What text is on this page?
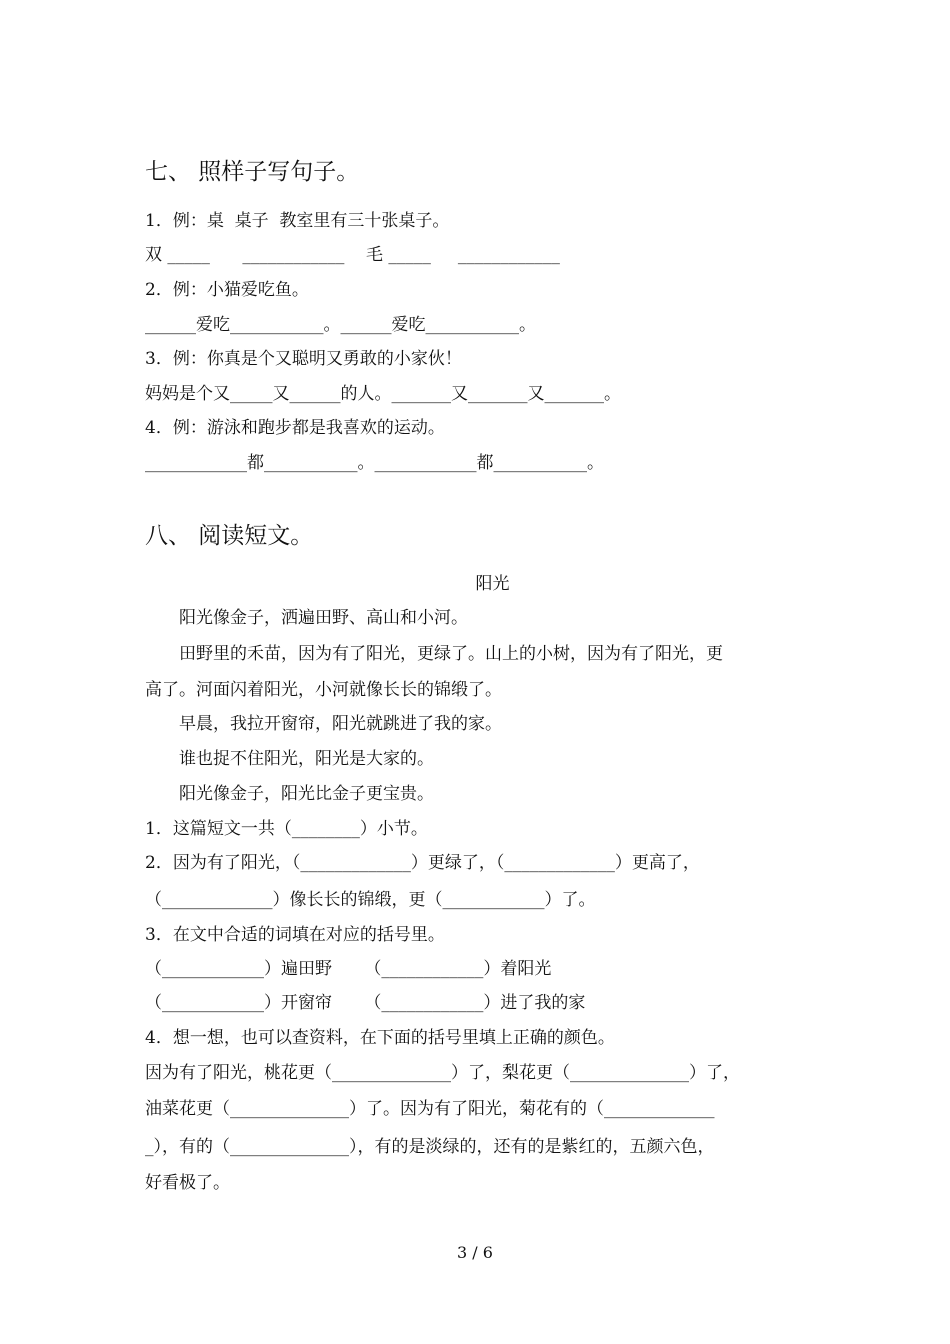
七、 照样子写句子。
1．例：桌  桌子  教室里有三十张桌子。
双 _____      ____________    毛 _____     ____________
2．例：小猫爱吃鱼。
______爱吃___________。______爱吃___________。
3．例：你真是个又聪明又勇敢的小家伙！
妈妈是个又_____又______的人。_______又_______又_______。
4．例：游泳和跑步都是我喜欢的运动。
____________都___________。____________都___________。
八、 阅读短文。
阳光
阳光像金子，洒遍田野、高山和小河。
田野里的禾苗，因为有了阳光，更绿了。山上的小树，因为有了阳光，更
高了。河面闪着阳光，小河就像长长的锦缎了。
早晨，我拉开窗帘，阳光就跳进了我的家。
谁也捉不住阳光，阳光是大家的。
阳光像金子，阳光比金子更宝贵。
1．这篇短文一共（________）小节。
2．因为有了阳光，（_____________）更绿了，（_____________）更高了，
（_____________）像长长的锦缎，更（____________）了。
3．在文中合适的词填在对应的括号里。
（____________）遍田野      （____________）着阳光
（____________）开窗帘      （____________）进了我的家
4．想一想，也可以查资料，在下面的括号里填上正确的颜色。
因为有了阳光，桃花更（______________）了，梨花更（______________）了，
油菜花更（______________）了。因为有了阳光，菊花有的（_____________
_），有的（______________），有的是淡绿的，还有的是紫红的，五颜六色，
好看极了。
3 / 6
